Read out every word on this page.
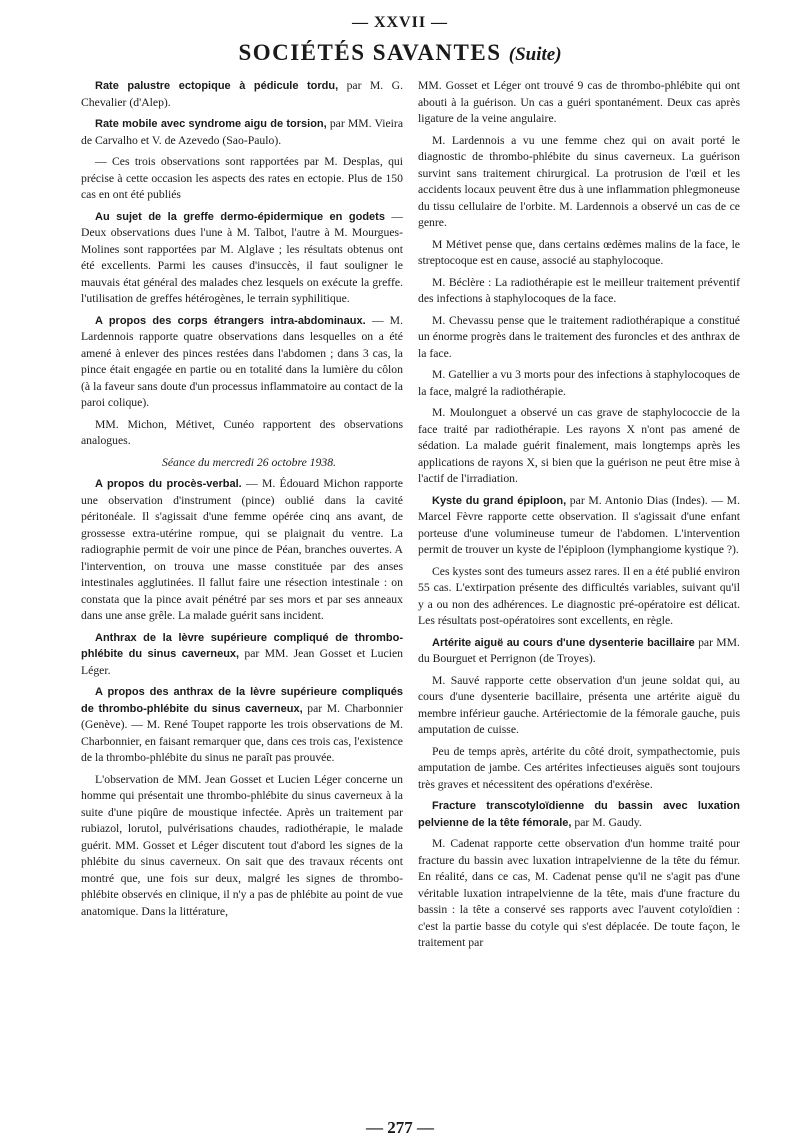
— XXVII —
SOCIÉTÉS SAVANTES (Suite)

Rate palustre ectopique à pédicule tordu, par M. G. Chevalier (d'Alep).

Rate mobile avec syndrome aigu de torsion, par MM. Vieira de Carvalho et V. de Azevedo (Sao-Paulo).

— Ces trois observations sont rapportées par M. Desplas, qui précise à cette occasion les aspects des rates en ectopie. Plus de 150 cas en ont été publiés

Au sujet de la greffe dermo-épidermique en godets — Deux observations dues l'une à M. Talbot, l'autre à M. Mourgues-Molines sont rapportées par M. Alglave ; les résultats obtenus ont été excellents. Parmi les causes d'insuccès, il faut souligner le mauvais état général des malades chez lesquels on exécute la greffe. l'utilisation de greffes hétérogènes, le terrain syphilitique.

A propos des corps étrangers intra-abdominaux. — M. Lardennois rapporte quatre observations dans lesquelles on a été amené à enlever des pinces restées dans l'abdomen ; dans 3 cas, la pince était engagée en partie ou en totalité dans la lumière du côlon (à la faveur sans doute d'un processus inflammatoire au contact de la paroi colique).

MM. Michon, Métivet, Cunéo rapportent des observations analogues.

Séance du mercredi 26 octobre 1938.

A propos du procès-verbal. — M. Édouard Michon rapporte une observation d'instrument (pince) oublié dans la cavité péritonéale. Il s'agissait d'une femme opérée cinq ans avant, de grossesse extra-utérine rompue, qui se plaignait du ventre. La radiographie permit de voir une pince de Péan, branches ouvertes. A l'intervention, on trouva une masse constituée par des anses intestinales agglutinées. Il fallut faire une résection intestinale : on constata que la pince avait pénétré par ses mors et par ses anneaux dans une anse grêle. La malade guérit sans incident.

Anthrax de la lèvre supérieure compliqué de thrombo-phlébite du sinus caverneux, par MM. Jean Gosset et Lucien Léger.

A propos des anthrax de la lèvre supérieure compliqués de thrombo-phlébite du sinus caverneux, par M. Charbonnier (Genève). — M. René Toupet rapporte les trois observations de M. Charbonnier, en faisant remarquer que, dans ces trois cas, l'existence de la thrombo-phlébite du sinus ne paraît pas prouvée.

L'observation de MM. Jean Gosset et Lucien Léger concerne un homme qui présentait une thrombo-phlébite du sinus caverneux à la suite d'une piqûre de moustique infectée. Après un traitement par rubiazol, lorutol, pulvérisations chaudes, radiothérapie, le malade guérit. MM. Gosset et Léger discutent tout d'abord les signes de la phlébite du sinus caverneux. On sait que des travaux récents ont montré que, une fois sur deux, malgré les signes de thrombo-phlébite observés en clinique, il n'y a pas de phlébite au point de vue anatomique. Dans la littérature,

MM. Gosset et Léger ont trouvé 9 cas de thrombo-phlébite qui ont abouti à la guérison. Un cas a guéri spontanément. Deux cas après ligature de la veine angulaire.

M. Lardennois a vu une femme chez qui on avait porté le diagnostic de thrombo-phlébite du sinus caverneux. La guérison survint sans traitement chirurgical. La protrusion de l'œil et les accidents locaux peuvent être dus à une inflammation phlegmoneuse du tissu cellulaire de l'orbite. M. Lardennois a observé un cas de ce genre.

M Métivet pense que, dans certains œdèmes malins de la face, le streptocoque est en cause, associé au staphylocoque.

M. Béclère : La radiothérapie est le meilleur traitement préventif des infections à staphylocoques de la face.

M. Chevassu pense que le traitement radiothérapique a constitué un énorme progrès dans le traitement des furoncles et des anthrax de la face.

M. Gatellier a vu 3 morts pour des infections à staphylocoques de la face, malgré la radiothérapie.

M. Moulonguet a observé un cas grave de staphylococcie de la face traité par radiothérapie. Les rayons X n'ont pas amené de sédation. La malade guérit finalement, mais longtemps après les applications de rayons X, si bien que la guérison ne peut être mise à l'actif de l'irradiation.

Kyste du grand épiploon, par M. Antonio Dias (Indes). — M. Marcel Fèvre rapporte cette observation. Il s'agissait d'une enfant porteuse d'une volumineuse tumeur de l'abdomen. L'intervention permit de trouver un kyste de l'épiploon (lymphangiome kystique ?).

Ces kystes sont des tumeurs assez rares. Il en a été publié environ 55 cas. L'extirpation présente des difficultés variables, suivant qu'il y a ou non des adhérences. Le diagnostic pré-opératoire est délicat. Les résultats post-opératoires sont excellents, en règle.

Artérite aiguë au cours d'une dysenterie bacillaire par MM. du Bourguet et Perrignon (de Troyes).

M. Sauvé rapporte cette observation d'un jeune soldat qui, au cours d'une dysenterie bacillaire, présenta une artérite aiguë du membre inférieur gauche. Artériectomie de la fémorale gauche, puis amputation de cuisse.

Peu de temps après, artérite du côté droit, sympathectomie, puis amputation de jambe. Ces artérites infectieuses aiguës sont toujours très graves et nécessitent des opérations d'exérèse.

Fracture transcotyloïdienne du bassin avec luxation pelvienne de la tête fémorale, par M. Gaudy.

M. Cadenat rapporte cette observation d'un homme traité pour fracture du bassin avec luxation intrapelvienne de la tête du fémur. En réalité, dans ce cas, M. Cadenat pense qu'il ne s'agit pas d'une véritable luxation intrapelvienne de la tête, mais d'une fracture du bassin : la tête a conservé ses rapports avec l'auvent cotyloïdien : c'est la partie basse du cotyle qui s'est déplacée. De toute façon, le traitement par

— 277 —
